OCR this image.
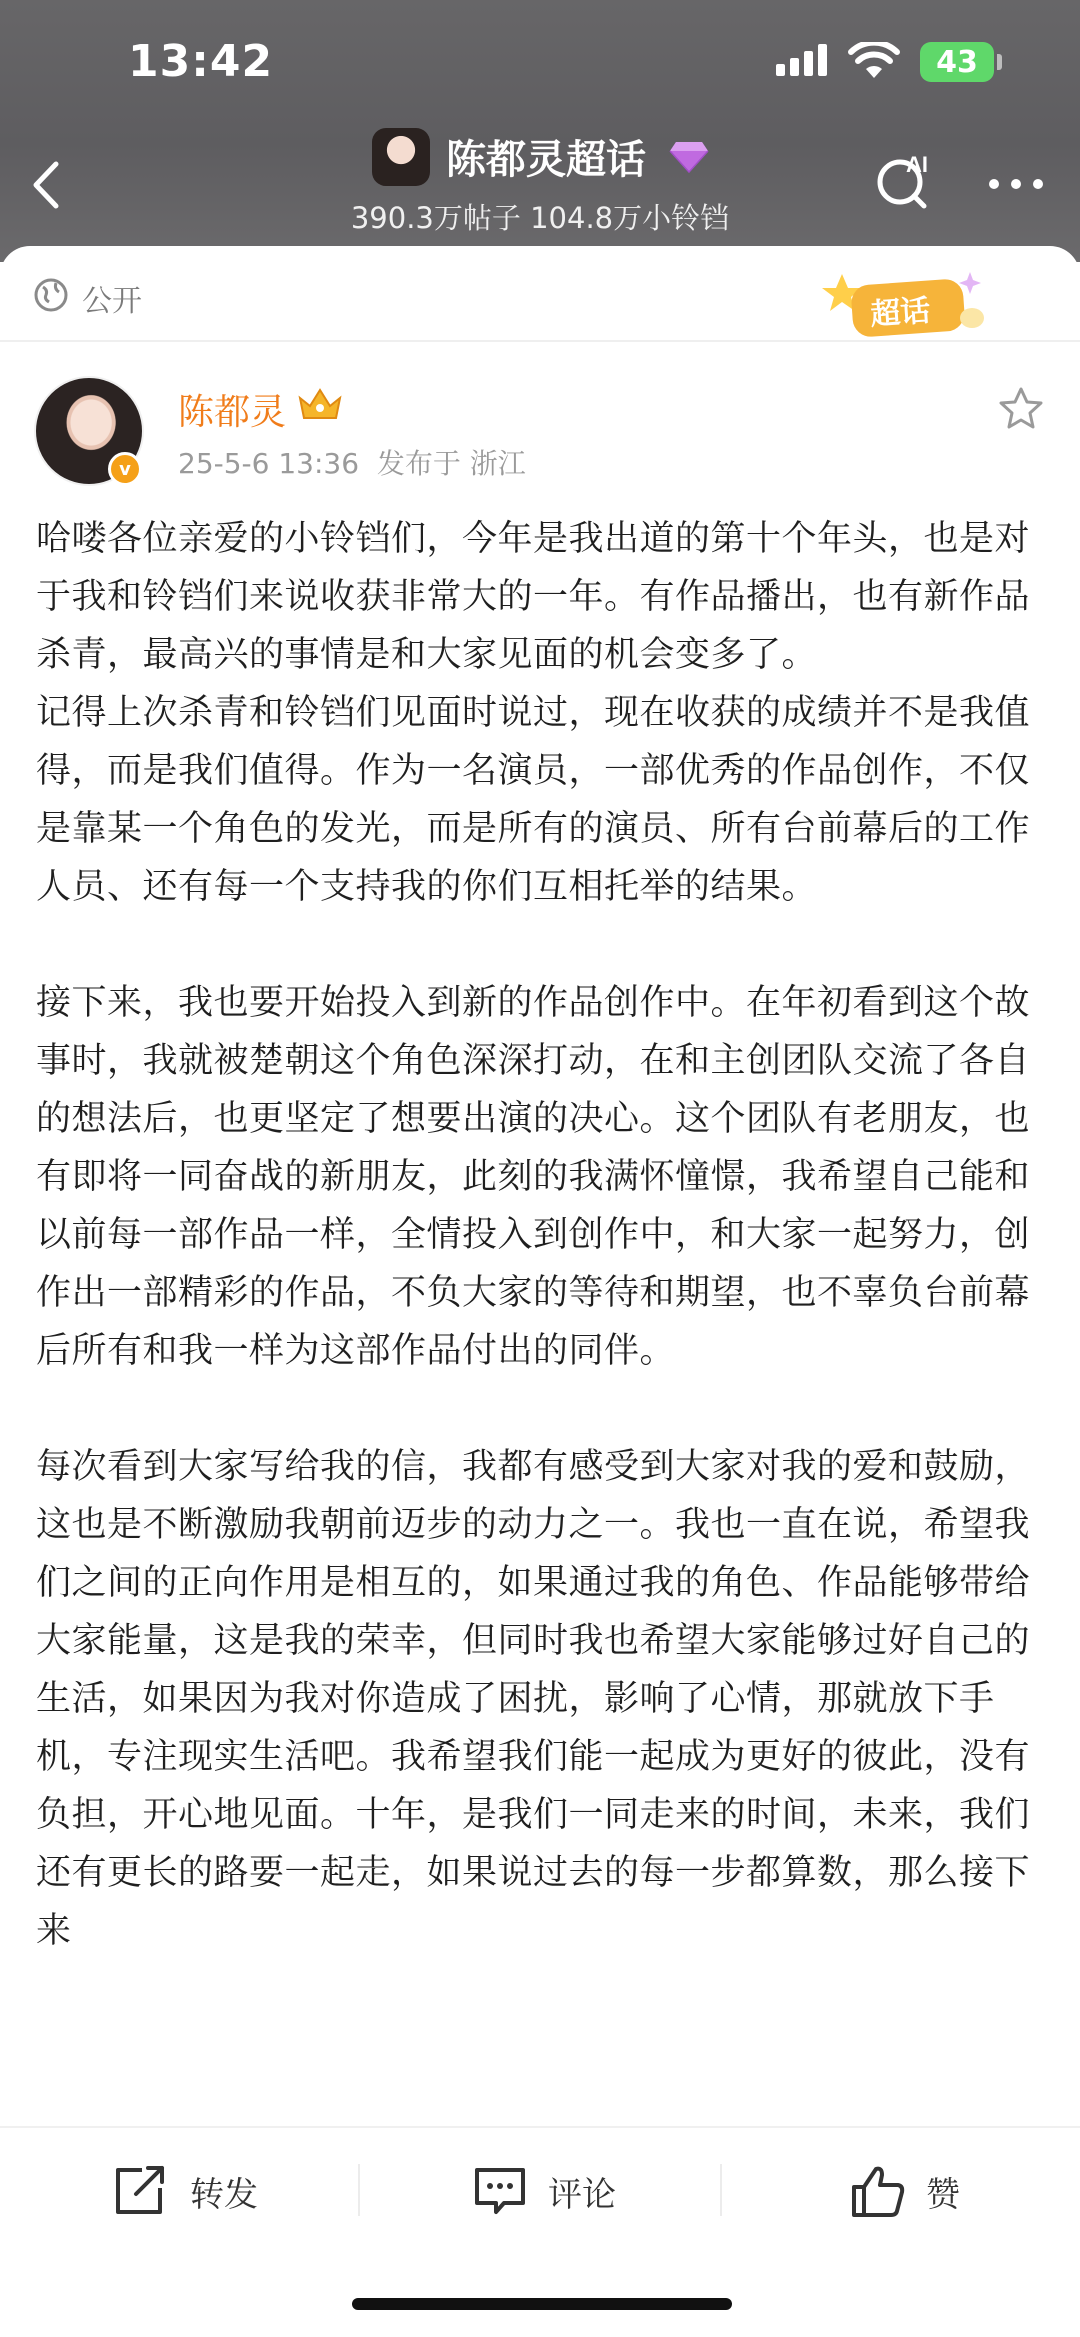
13:42	43
陈都灵超话
390.3万帖子 104.8万小铃铛
AI
公开	超话
v
陈都灵
25-5-6 13:36 发布于 浙江

哈喽各位亲爱的小铃铛们，今年是我出道的第十个年头，也是对于我和铃铛们来说收获非常大的一年。有作品播出，也有新作品杀青，最高兴的事情是和大家见面的机会变多了。

记得上次杀青和铃铛们见面时说过，现在收获的成绩并不是我值得，而是我们值得。作为一名演员，一部优秀的作品创作，不仅是靠某一个角色的发光，而是所有的演员、所有台前幕后的工作人员、还有每一个支持我的你们互相托举的结果。

接下来，我也要开始投入到新的作品创作中。在年初看到这个故事时，我就被楚朝这个角色深深打动，在和主创团队交流了各自的想法后，也更坚定了想要出演的决心。这个团队有老朋友，也有即将一同奋战的新朋友，此刻的我满怀憧憬，我希望自己能和以前每一部作品一样，全情投入到创作中，和大家一起努力，创作出一部精彩的作品，不负大家的等待和期望，也不辜负台前幕后所有和我一样为这部作品付出的同伴。

每次看到大家写给我的信，我都有感受到大家对我的爱和鼓励，这也是不断激励我朝前迈步的动力之一。我也一直在说，希望我们之间的正向作用是相互的，如果通过我的角色、作品能够带给大家能量，这是我的荣幸，但同时我也希望大家能够过好自己的生活，如果因为我对你造成了困扰，影响了心情，那就放下手机，专注现实生活吧。我希望我们能一起成为更好的彼此，没有负担，开心地见面。十年，是我们一同走来的时间，未来，我们还有更长的路要一起走，如果说过去的每一步都算数，那么接下来

转发	评论	赞
